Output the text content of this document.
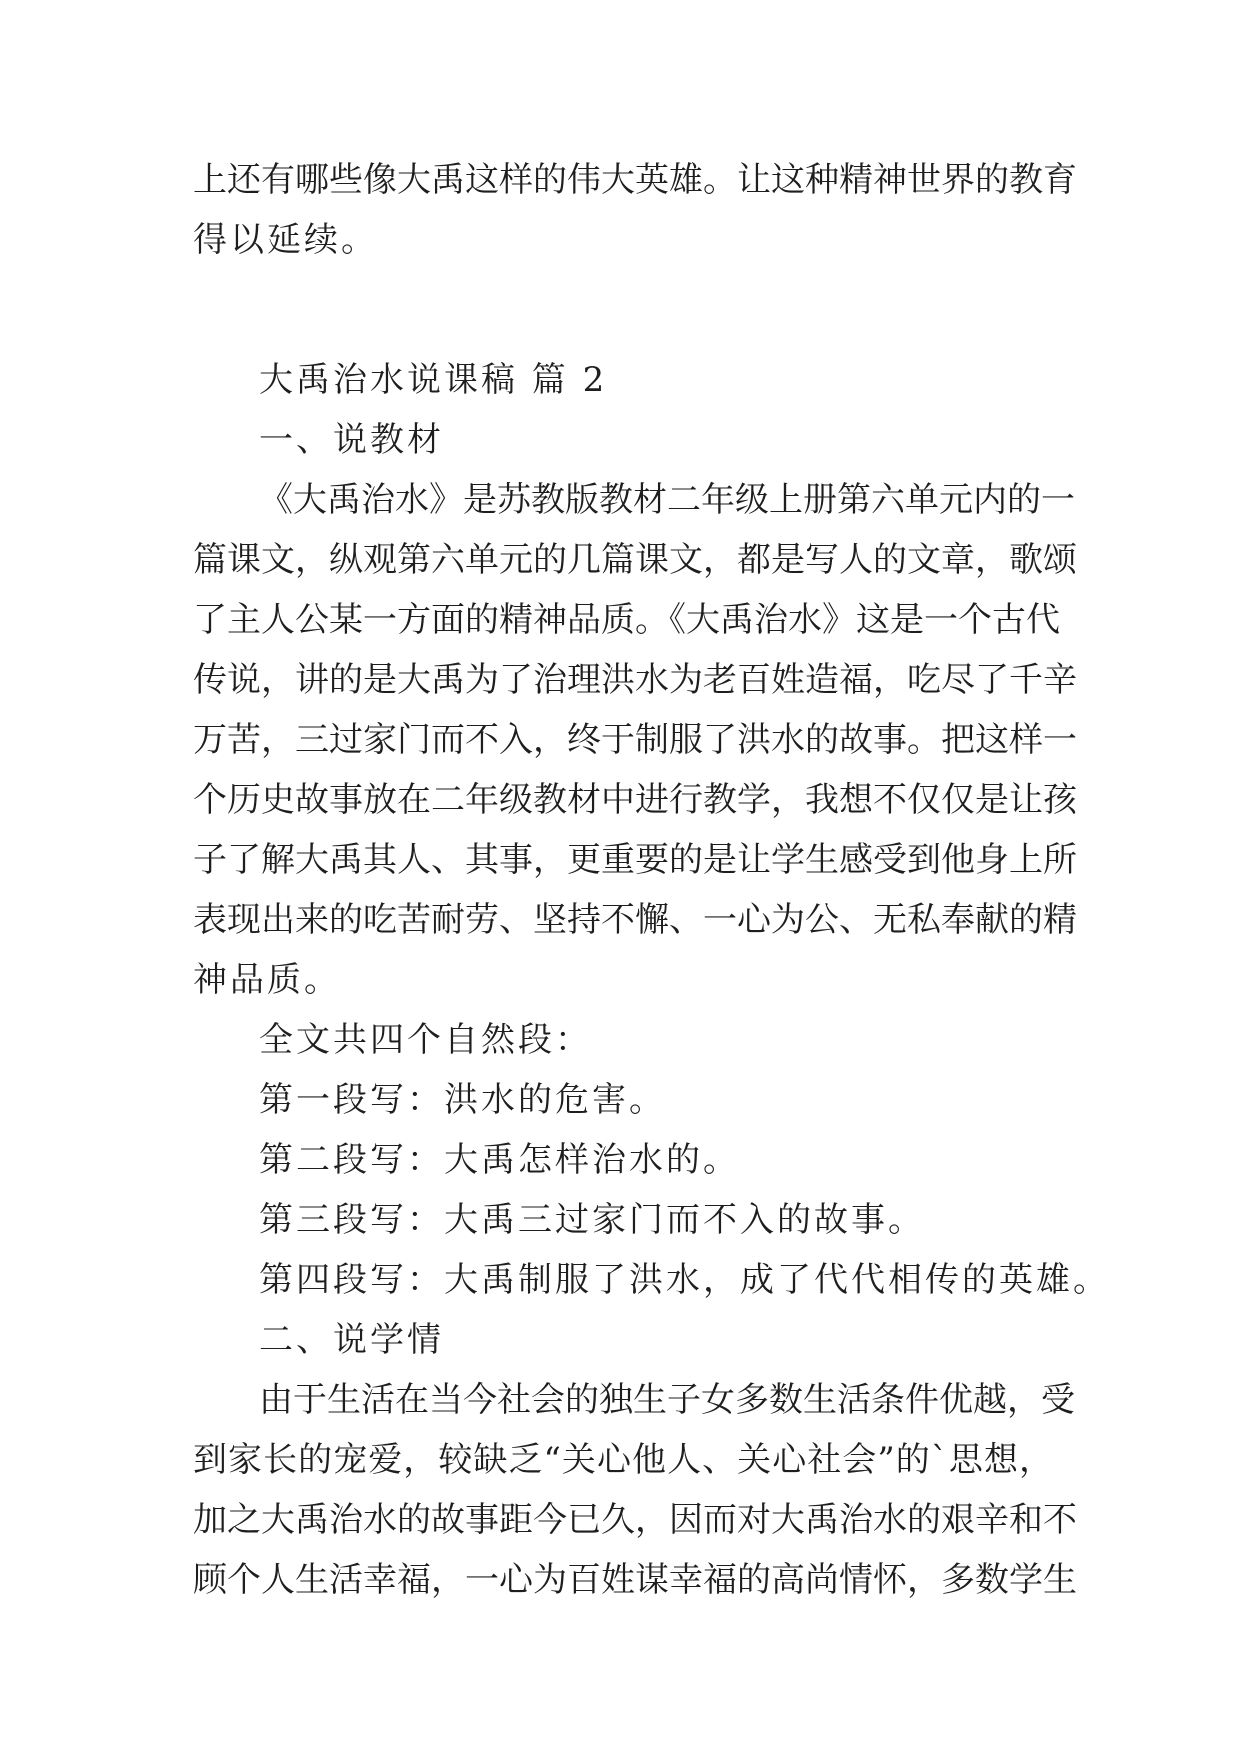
上还有哪些像大禹这样的伟大英雄。让这种精神世界的教育
得以延续。
大禹治水说课稿 篇 2
一、说教材
《大禹治水》是苏教版教材二年级上册第六单元内的一
篇课文，纵观第六单元的几篇课文，都是写人的文章，歌颂
了主人公某一方面的精神品质。《大禹治水》这是一个古代
传说，讲的是大禹为了治理洪水为老百姓造福，吃尽了千辛
万苦，三过家门而不入，终于制服了洪水的故事。把这样一
个历史故事放在二年级教材中进行教学，我想不仅仅是让孩
子了解大禹其人、其事，更重要的是让学生感受到他身上所
表现出来的吃苦耐劳、坚持不懈、一心为公、无私奉献的精
神品质。
全文共四个自然段：
第一段写：洪水的危害。
第二段写：大禹怎样治水的。
第三段写：大禹三过家门而不入的故事。
第四段写：大禹制服了洪水，成了代代相传的英雄。
二、说学情
由于生活在当今社会的独生子女多数生活条件优越，受
到家长的宠爱，较缺乏“关心他人、关心社会”的`思想，
加之大禹治水的故事距今已久，因而对大禹治水的艰辛和不
顾个人生活幸福，一心为百姓谋幸福的高尚情怀，多数学生
